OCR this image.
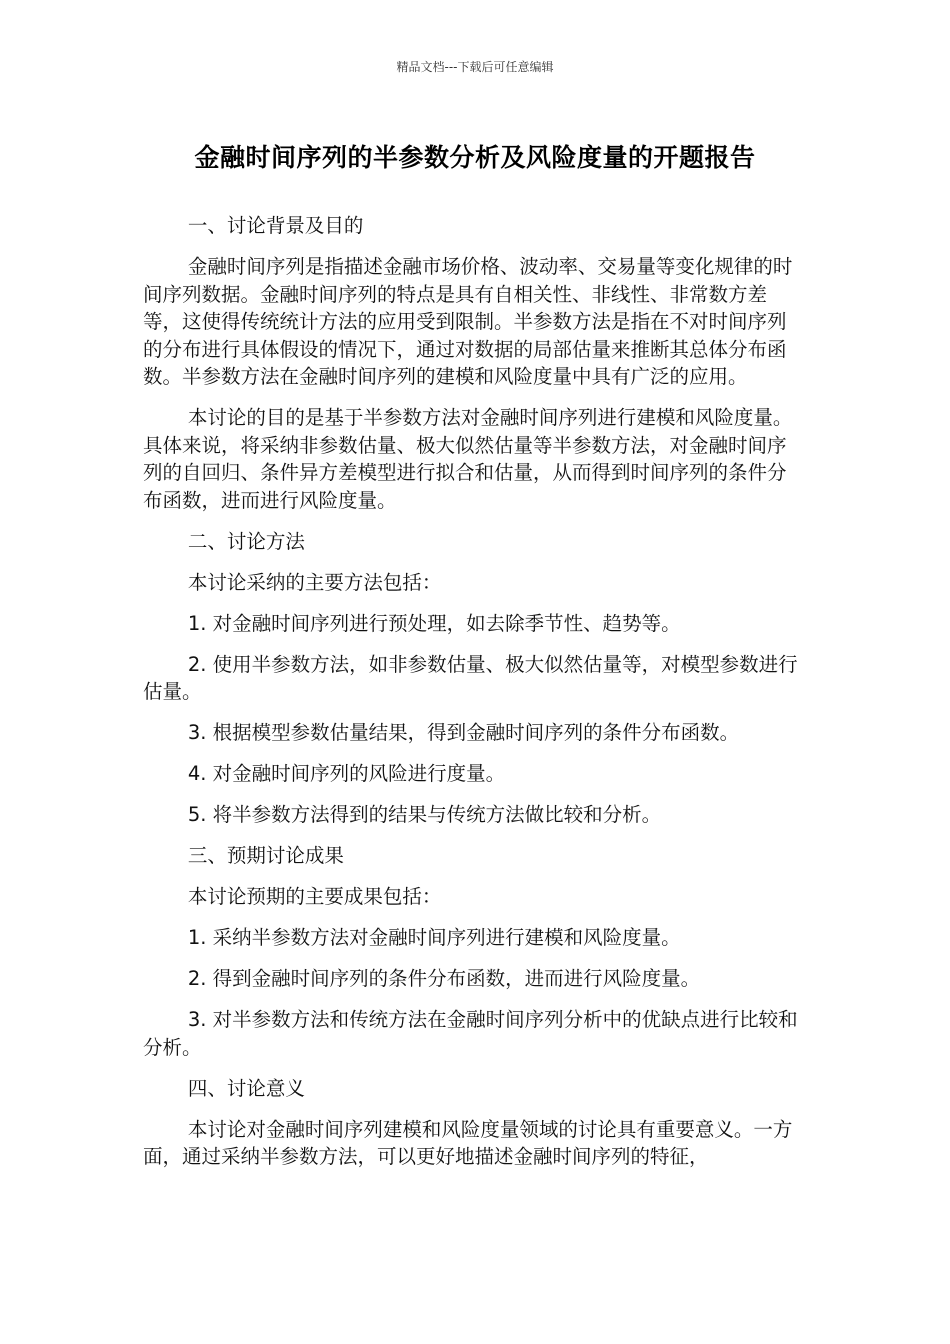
精品文档---下载后可任意编辑
金融时间序列的半参数分析及风险度量的开题报告

一、讨论背景及目的

金融时间序列是指描述金融市场价格、波动率、交易量等变化规律的时间序列数据。金融时间序列的特点是具有自相关性、非线性、非常数方差等，这使得传统统计方法的应用受到限制。半参数方法是指在不对时间序列的分布进行具体假设的情况下，通过对数据的局部估量来推断其总体分布函数。半参数方法在金融时间序列的建模和风险度量中具有广泛的应用。

本讨论的目的是基于半参数方法对金融时间序列进行建模和风险度量。具体来说，将采纳非参数估量、极大似然估量等半参数方法，对金融时间序列的自回归、条件异方差模型进行拟合和估量，从而得到时间序列的条件分布函数，进而进行风险度量。

二、讨论方法

本讨论采纳的主要方法包括：

1. 对金融时间序列进行预处理，如去除季节性、趋势等。

2. 使用半参数方法，如非参数估量、极大似然估量等，对模型参数进行估量。

3. 根据模型参数估量结果，得到金融时间序列的条件分布函数。

4. 对金融时间序列的风险进行度量。

5. 将半参数方法得到的结果与传统方法做比较和分析。

三、预期讨论成果

本讨论预期的主要成果包括：

1. 采纳半参数方法对金融时间序列进行建模和风险度量。

2. 得到金融时间序列的条件分布函数，进而进行风险度量。

3. 对半参数方法和传统方法在金融时间序列分析中的优缺点进行比较和分析。

四、讨论意义

本讨论对金融时间序列建模和风险度量领域的讨论具有重要意义。一方面，通过采纳半参数方法，可以更好地描述金融时间序列的特征，
